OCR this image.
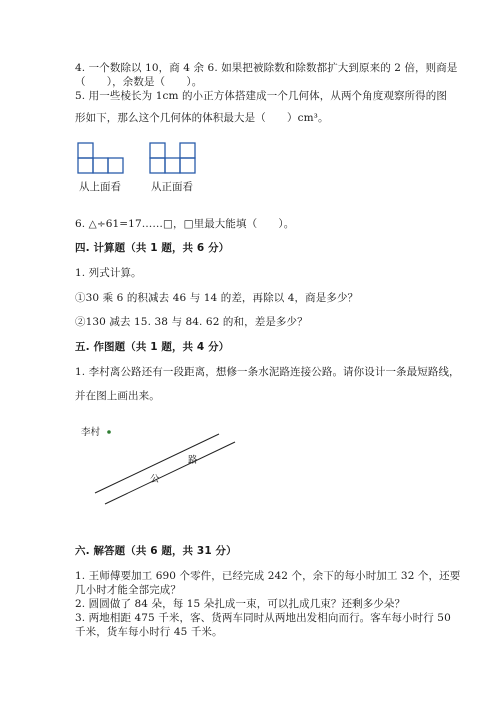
4. 一个数除以 10，商 4 余 6. 如果把被除数和除数都扩大到原来的 2 倍，则商是
（　　），余数是（　　）。
5. 用一些棱长为 1cm 的小正方体搭建成一个几何体，从两个角度观察所得的图
形如下，那么这个几何体的体积最大是（　　）cm³。
从上面看	从正面看
6. △÷61=17……□，□里最大能填（　　）。
四. 计算题（共 1 题，共 6 分）
1. 列式计算。
①30 乘 6 的积减去 46 与 14 的差，再除以 4，商是多少？
②130 减去 15. 38 与 84. 62 的和，差是多少？
五. 作图题（共 1 题，共 4 分）
1. 李村离公路还有一段距离，想修一条水泥路连接公路。请你设计一条最短路线，
并在图上画出来。
李村
路
公
六. 解答题（共 6 题，共 31 分）
1. 王师傅要加工 690 个零件，已经完成 242 个，余下的每小时加工 32 个，还要
几小时才能全部完成？
2. 圆圆做了 84 朵，每 15 朵扎成一束，可以扎成几束？还剩多少朵？
3. 两地相距 475 千米，客、货两车同时从两地出发相向而行。客车每小时行 50
千米，货车每小时行 45 千米。
